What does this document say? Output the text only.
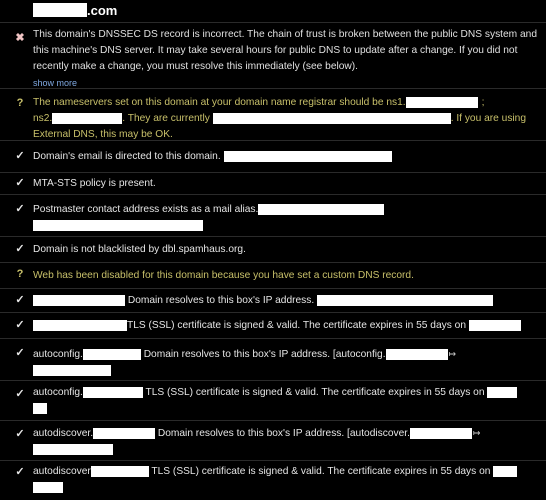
.com
✖ This domain's DNSSEC DS record is incorrect. The chain of trust is broken between the public DNS system and this machine's DNS server. It may take several hours for public DNS to update after a change. If you did not recently make a change, you must resolve this immediately (see below).
show more
? The nameservers set on this domain at your domain name registrar should be ns1.	;
ns2.	. They are currently	. If you are using External DNS, this may be OK.
✓ Domain's email is directed to this domain.
✓ MTA-STS policy is present.
✓ Postmaster contact address exists as a mail alias.

✓ Domain is not blacklisted by dbl.spamhaus.org.
? Web has been disabled for this domain because you have set a custom DNS record.
✓	Domain resolves to this box's IP address.
✓	TLS (SSL) certificate is signed & valid. The certificate expires in 55 days on
✓ autoconfig.	Domain resolves to this box's IP address. [autoconfig.	↦

✓ autoconfig.	TLS (SSL) certificate is signed & valid. The certificate expires in 55 days on

✓ autodiscover.	Domain resolves to this box's IP address. [autodiscover.	↦

✓ autodiscover	TLS (SSL) certificate is signed & valid. The certificate expires in 55 days on
